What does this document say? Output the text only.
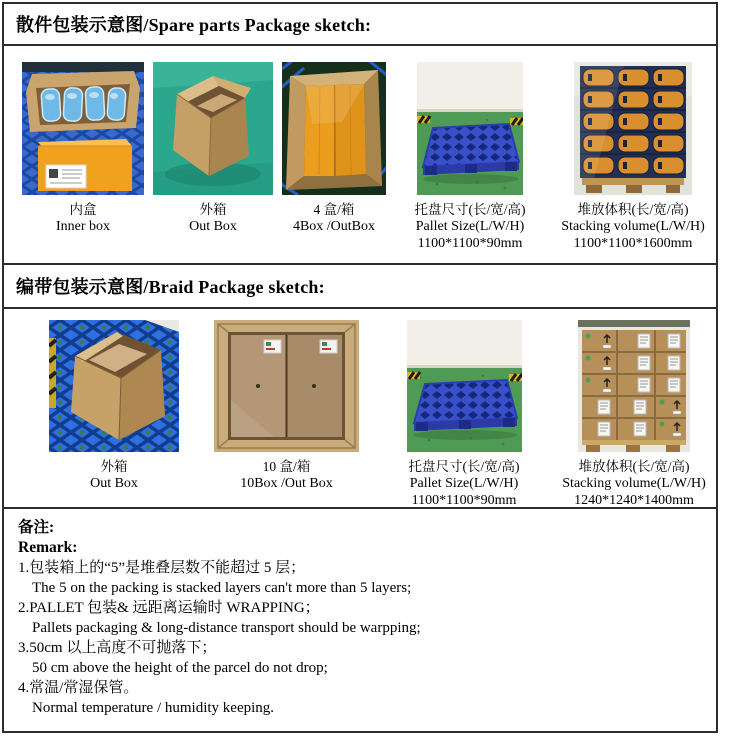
散件包装示意图/Spare parts Package sketch:
内盒
Inner box
外箱
Out Box
4 盒/箱
4Box /OutBox
托盘尺寸(长/宽/高)
Pallet Size(L/W/H)
1100*1100*90mm
堆放体积(长/宽/高)
Stacking volume(L/W/H)
1100*1100*1600mm
编带包装示意图/Braid Package sketch:
外箱
Out Box
10 盒/箱
10Box /Out Box
托盘尺寸(长/宽/高)
Pallet Size(L/W/H)
1100*1100*90mm
堆放体积(长/宽/高)
Stacking volume(L/W/H)
1240*1240*1400mm
备注:
Remark:
1.包装箱上的“5”是堆叠层数不能超过 5 层；
The 5 on the packing is stacked layers can't more than 5 layers;
2.PALLET 包装& 远距离运输时 WRAPPING；
Pallets packaging & long-distance transport should be warpping;
3.50cm 以上高度不可抛落下；
50 cm above the height of the parcel do not drop;
4.常温/常湿保管。
Normal temperature / humidity keeping.
